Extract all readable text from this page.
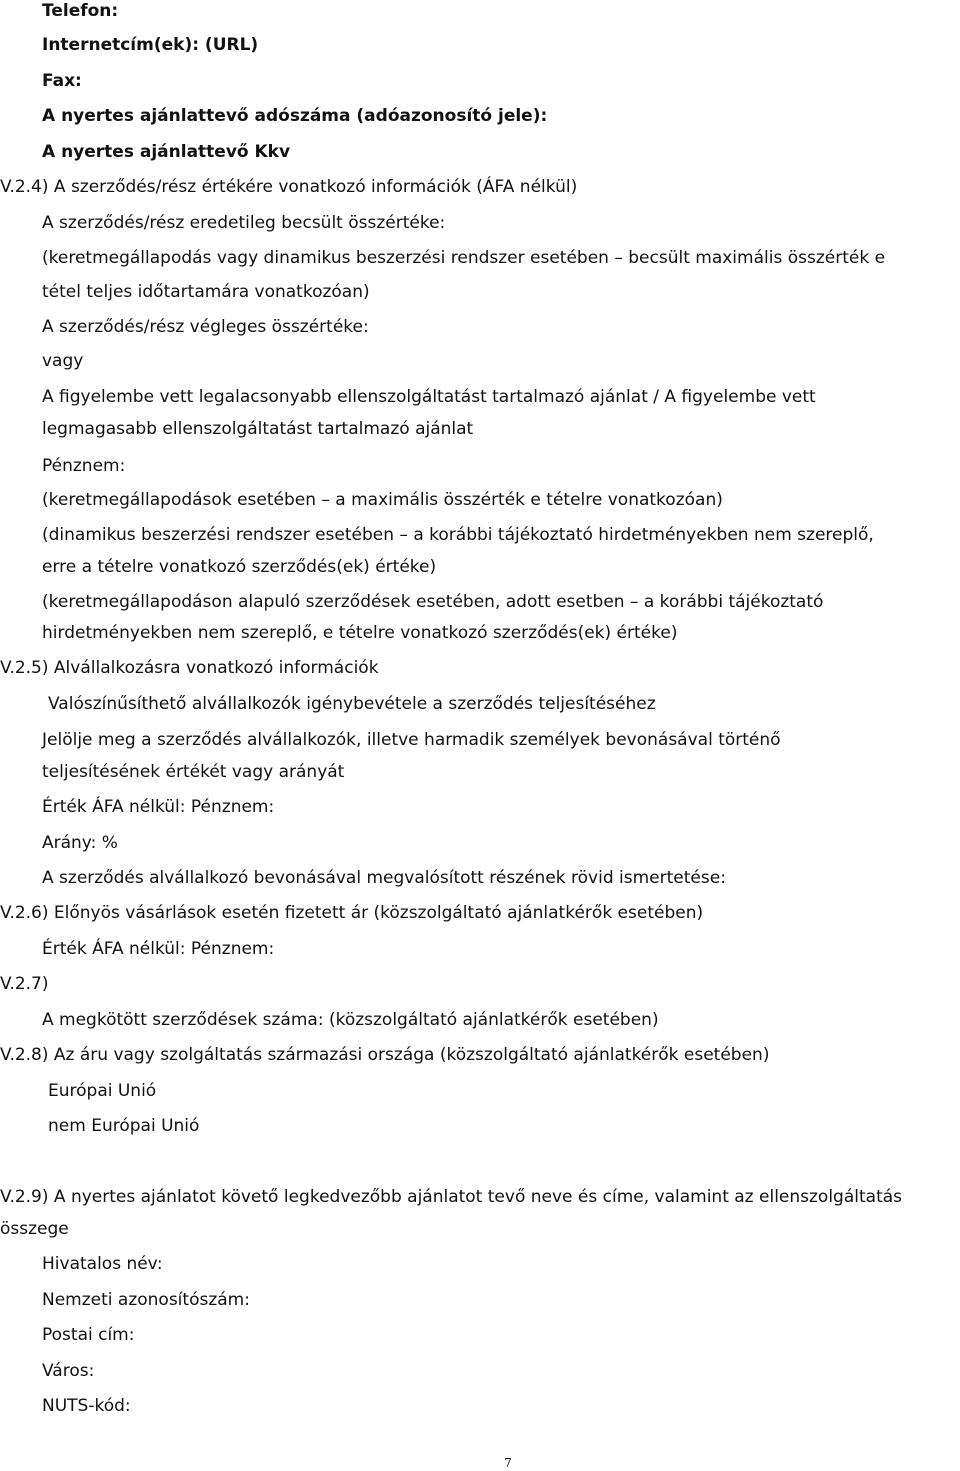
Telefon:
Internetcím(ek): (URL)
Fax:
A nyertes ajánlattevő adószáma (adóazonosító jele):
A nyertes ajánlattevő Kkv
V.2.4) A szerződés/rész értékére vonatkozó információk (ÁFA nélkül)
A szerződés/rész eredetileg becsült összértéke:
(keretmegállapodás vagy dinamikus beszerzési rendszer esetében – becsült maximális összérték e
tétel teljes időtartamára vonatkozóan)
A szerződés/rész végleges összértéke:
vagy
A figyelembe vett legalacsonyabb ellenszolgáltatást tartalmazó ajánlat / A figyelembe vett
legmagasabb ellenszolgáltatást tartalmazó ajánlat
Pénznem:
(keretmegállapodások esetében – a maximális összérték e tételre vonatkozóan)
(dinamikus beszerzési rendszer esetében – a korábbi tájékoztató hirdetményekben nem szereplő,
erre a tételre vonatkozó szerződés(ek) értéke)
(keretmegállapodáson alapuló szerződések esetében, adott esetben – a korábbi tájékoztató
hirdetményekben nem szereplő, e tételre vonatkozó szerződés(ek) értéke)
V.2.5) Alvállalkozásra vonatkozó információk
Valószínűsíthető alvállalkozók igénybevétele a szerződés teljesítéséhez
Jelölje meg a szerződés alvállalkozók, illetve harmadik személyek bevonásával történő
teljesítésének értékét vagy arányát
Érték ÁFA nélkül: Pénznem:
Arány: %
A szerződés alvállalkozó bevonásával megvalósított részének rövid ismertetése:
V.2.6) Előnyös vásárlások esetén fizetett ár (közszolgáltató ajánlatkérők esetében)
Érték ÁFA nélkül: Pénznem:
V.2.7)
A megkötött szerződések száma: (közszolgáltató ajánlatkérők esetében)
V.2.8) Az áru vagy szolgáltatás származási országa (közszolgáltató ajánlatkérők esetében)
Európai Unió
nem Európai Unió
V.2.9) A nyertes ajánlatot követő legkedvezőbb ajánlatot tevő neve és címe, valamint az ellenszolgáltatás
összege
Hivatalos név:
Nemzeti azonosítószám:
Postai cím:
Város:
NUTS-kód:
7
